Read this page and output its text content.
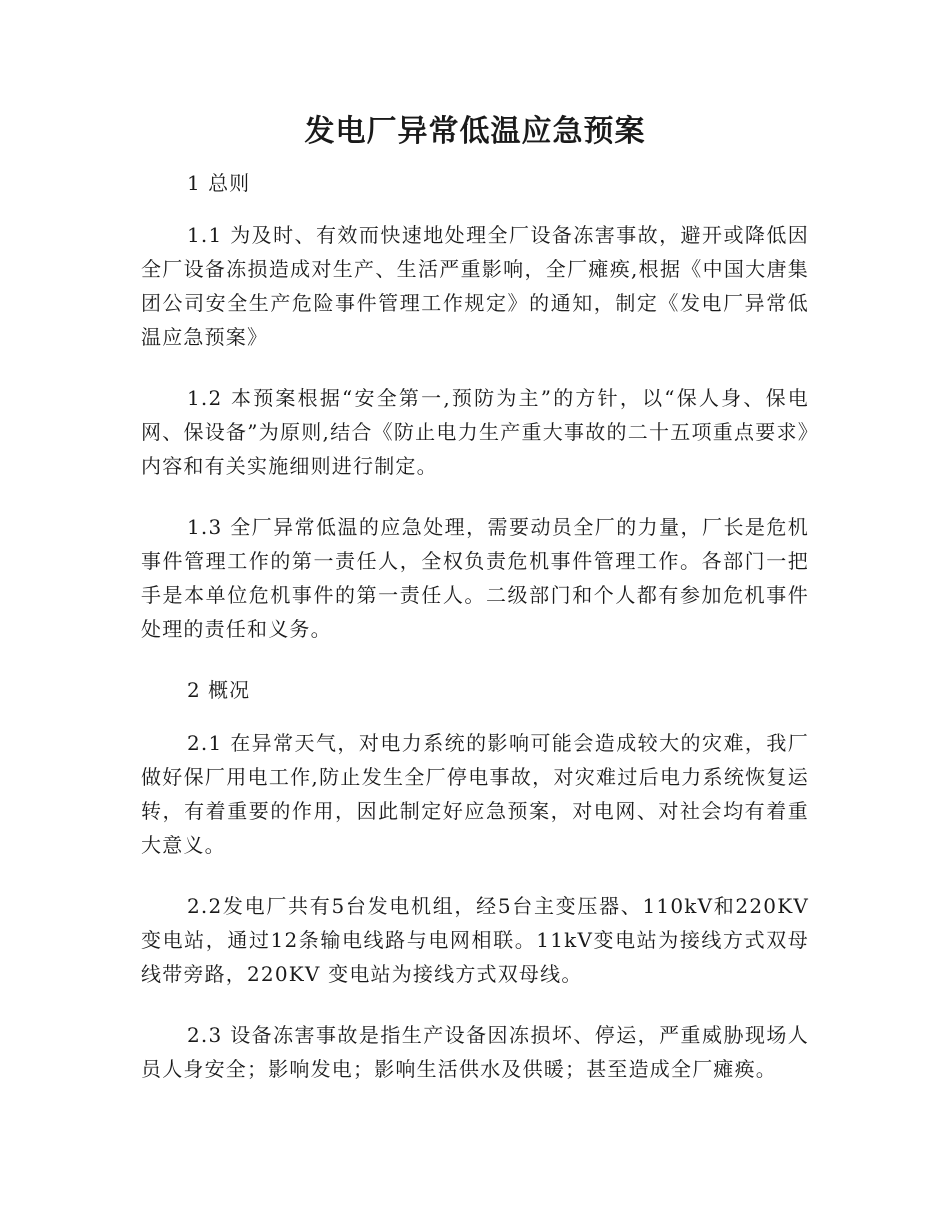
发电厂异常低温应急预案
1 总则

1.1 为及时、有效而快速地处理全厂设备冻害事故，避开或降低因全厂设备冻损造成对生产、生活严重影响，全厂瘫痪,根据《中国大唐集团公司安全生产危险事件管理工作规定》的通知，制定《发电厂异常低温应急预案》

1.2 本预案根据“安全第一,预防为主”的方针，以“保人身、保电网、保设备”为原则,结合《防止电力生产重大事故的二十五项重点要求》内容和有关实施细则进行制定。

1.3 全厂异常低温的应急处理，需要动员全厂的力量，厂长是危机事件管理工作的第一责任人，全权负责危机事件管理工作。各部门一把手是本单位危机事件的第一责任人。二级部门和个人都有参加危机事件处理的责任和义务。

2 概况

2.1 在异常天气，对电力系统的影响可能会造成较大的灾难，我厂做好保厂用电工作,防止发生全厂停电事故，对灾难过后电力系统恢复运转，有着重要的作用，因此制定好应急预案，对电网、对社会均有着重大意义。

2.2发电厂共有5台发电机组，经5台主变压器、110kV和220KV变电站，通过12条输电线路与电网相联。11kV变电站为接线方式双母线带旁路，220KV 变电站为接线方式双母线。

2.3 设备冻害事故是指生产设备因冻损坏、停运，严重威胁现场人员人身安全；影响发电；影响生活供水及供暖；甚至造成全厂瘫痪。
